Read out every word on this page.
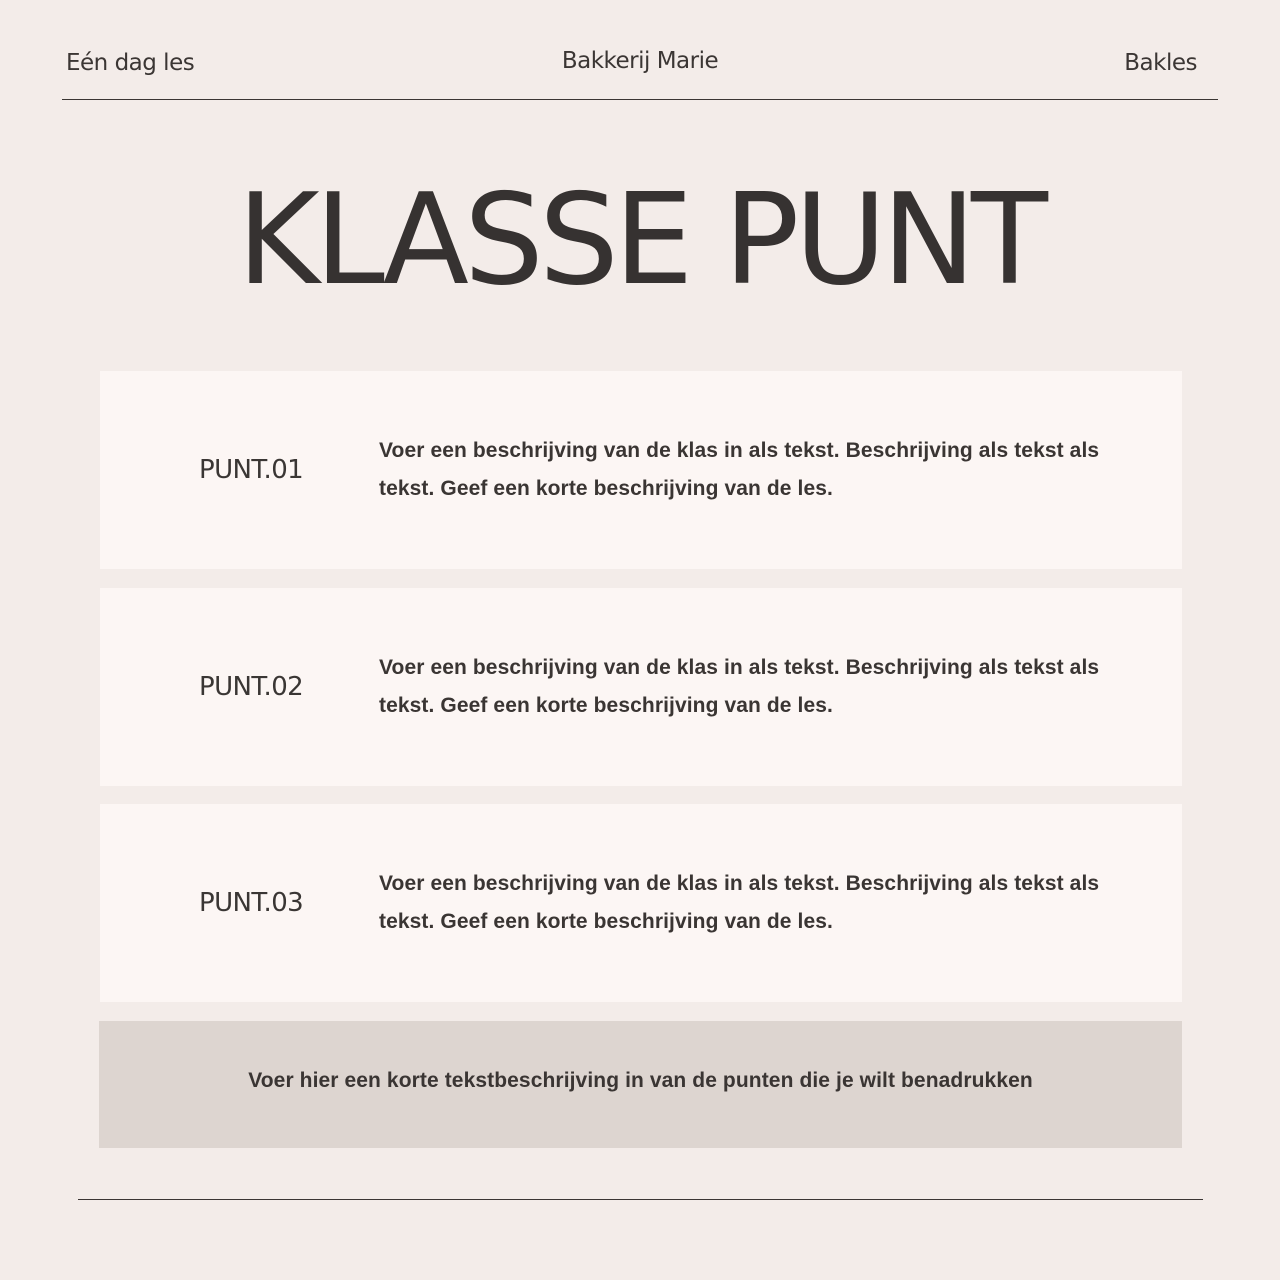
Eén dag les	Bakkerij Marie	Bakles
KLASSE PUNT
PUNT.01

Voer een beschrijving van de klas in als tekst. Beschrijving als tekst als tekst. Geef een korte beschrijving van de les.

PUNT.02

Voer een beschrijving van de klas in als tekst. Beschrijving als tekst als tekst. Geef een korte beschrijving van de les.

PUNT.03

Voer een beschrijving van de klas in als tekst. Beschrijving als tekst als tekst. Geef een korte beschrijving van de les.

Voer hier een korte tekstbeschrijving in van de punten die je wilt benadrukken
